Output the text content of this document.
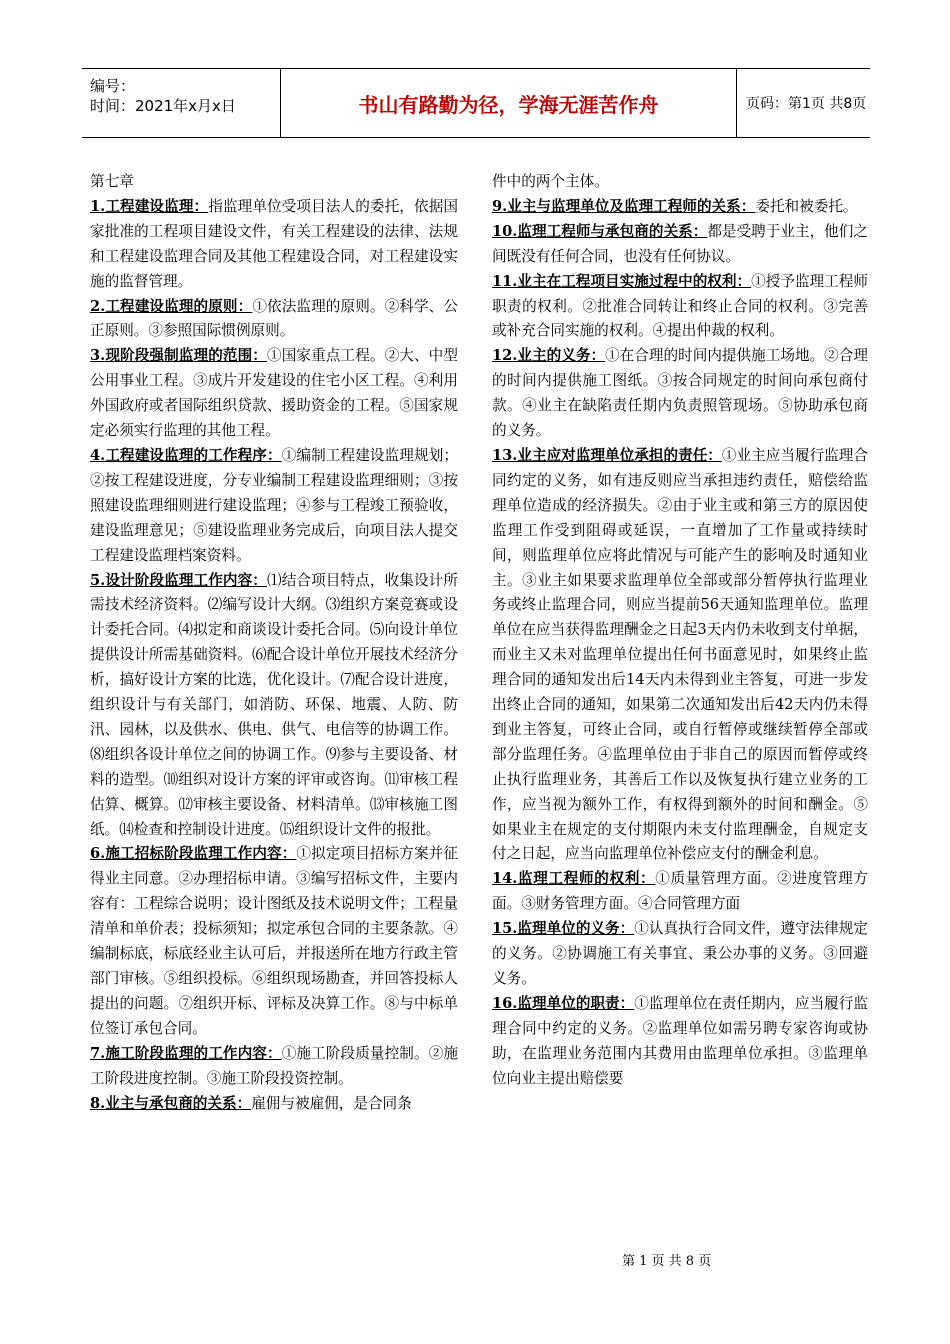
编号：
时间：2021年x月x日	书山有路勤为径，学海无涯苦作舟	页码：第1页 共8页

第七章

1.工程建设监理：指监理单位受项目法人的委托，依据国家批准的工程项目建设文件，有关工程建设的法律、法规和工程建设监理合同及其他工程建设合同，对工程建设实施的监督管理。

2.工程建设监理的原则：①依法监理的原则。②科学、公正原则。③参照国际惯例原则。

3.现阶段强制监理的范围：①国家重点工程。②大、中型公用事业工程。③成片开发建设的住宅小区工程。④利用外国政府或者国际组织贷款、援助资金的工程。⑤国家规定必须实行监理的其他工程。

4.工程建设监理的工作程序：①编制工程建设监理规划；②按工程建设进度，分专业编制工程建设监理细则；③按照建设监理细则进行建设监理；④参与工程竣工预验收，建设监理意见；⑤建设监理业务完成后，向项目法人提交工程建设监理档案资料。

5.设计阶段监理工作内容：⑴结合项目特点，收集设计所需技术经济资料。⑵编写设计大纲。⑶组织方案竞赛或设计委托合同。⑷拟定和商谈设计委托合同。⑸向设计单位提供设计所需基础资料。⑹配合设计单位开展技术经济分析，搞好设计方案的比选，优化设计。⑺配合设计进度，组织设计与有关部门，如消防、环保、地震、人防、防汛、园林，以及供水、供电、供气、电信等的协调工作。⑻组织各设计单位之间的协调工作。⑼参与主要设备、材料的造型。⑽组织对设计方案的评审或咨询。⑾审核工程估算、概算。⑿审核主要设备、材料清单。⒀审核施工图纸。⒁检查和控制设计进度。⒂组织设计文件的报批。

6.施工招标阶段监理工作内容：①拟定项目招标方案并征得业主同意。②办理招标申请。③编写招标文件，主要内容有：工程综合说明；设计图纸及技术说明文件；工程量清单和单价表；投标须知；拟定承包合同的主要条款。④编制标底，标底经业主认可后，并报送所在地方行政主管部门审核。⑤组织投标。⑥组织现场勘查，并回答投标人提出的问题。⑦组织开标、评标及决算工作。⑧与中标单位签订承包合同。

7.施工阶段监理的工作内容：①施工阶段质量控制。②施工阶段进度控制。③施工阶段投资控制。

8.业主与承包商的关系：雇佣与被雇佣，是合同条

件中的两个主体。

9.业主与监理单位及监理工程师的关系：委托和被委托。

10.监理工程师与承包商的关系：都是受聘于业主，他们之间既没有任何合同，也没有任何协议。

11.业主在工程项目实施过程中的权利：①授予监理工程师职责的权利。②批准合同转让和终止合同的权利。③完善或补充合同实施的权利。④提出仲裁的权利。

12.业主的义务：①在合理的时间内提供施工场地。②合理的时间内提供施工图纸。③按合同规定的时间向承包商付款。④业主在缺陷责任期内负责照管现场。⑤协助承包商的义务。

13.业主应对监理单位承担的责任：①业主应当履行监理合同约定的义务，如有违反则应当承担违约责任，赔偿给监理单位造成的经济损失。②由于业主或和第三方的原因使监理工作受到阻碍或延误，一直增加了工作量或持续时间，则监理单位应将此情况与可能产生的影响及时通知业主。③业主如果要求监理单位全部或部分暂停执行监理业务或终止监理合同，则应当提前56天通知监理单位。监理单位在应当获得监理酬金之日起3天内仍未收到支付单据，而业主又未对监理单位提出任何书面意见时，如果终止监理合同的通知发出后14天内未得到业主答复，可进一步发出终止合同的通知，如果第二次通知发出后42天内仍未得到业主答复，可终止合同，或自行暂停或继续暂停全部或部分监理任务。④监理单位由于非自己的原因而暂停或终止执行监理业务，其善后工作以及恢复执行建立业务的工作，应当视为额外工作，有权得到额外的时间和酬金。⑤如果业主在规定的支付期限内未支付监理酬金，自规定支付之日起，应当向监理单位补偿应支付的酬金利息。

14.监理工程师的权利：①质量管理方面。②进度管理方面。③财务管理方面。④合同管理方面

15.监理单位的义务：①认真执行合同文件，遵守法律规定的义务。②协调施工有关事宜、秉公办事的义务。③回避义务。

16.监理单位的职责：①监理单位在责任期内，应当履行监理合同中约定的义务。②监理单位如需另聘专家咨询或协助，在监理业务范围内其费用由监理单位承担。③监理单位向业主提出赔偿要

第 1 页 共 8 页
